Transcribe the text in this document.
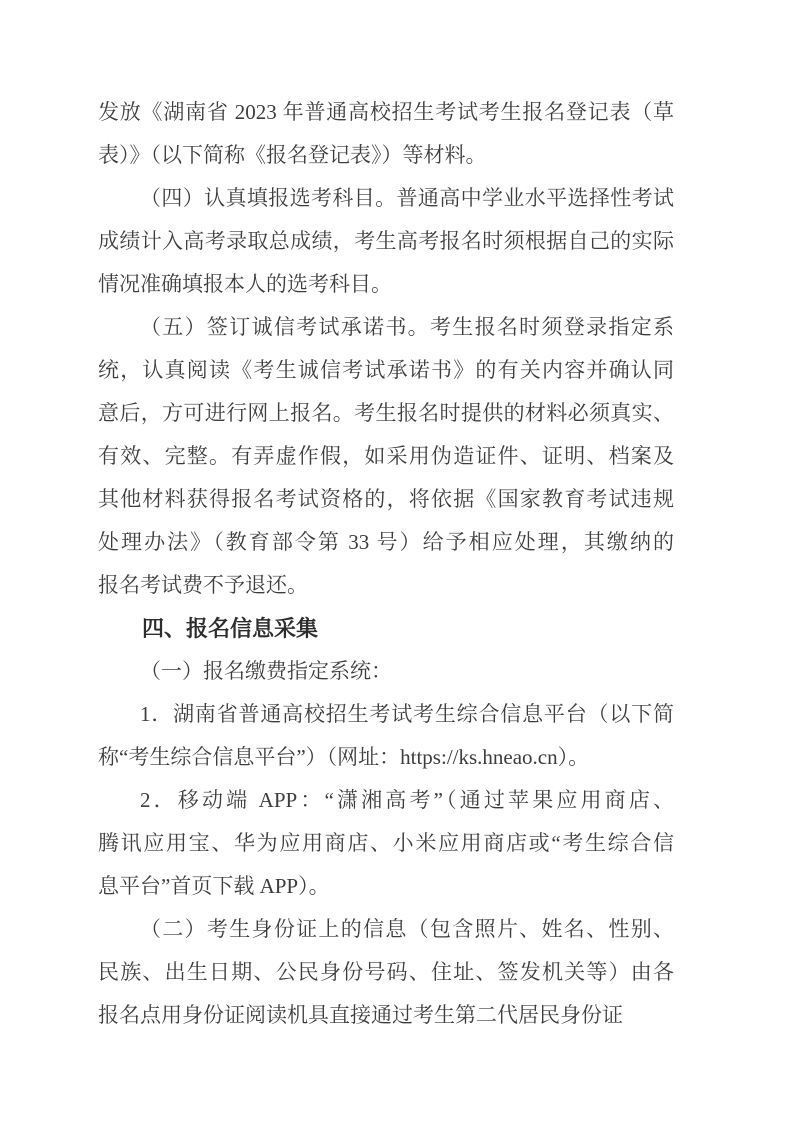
发放《湖南省 2023 年普通高校招生考试考生报名登记表（草
表）》（以下简称《报名登记表》）等材料。
（四）认真填报选考科目。普通高中学业水平选择性考试
成绩计入高考录取总成绩，考生高考报名时须根据自己的实际
情况准确填报本人的选考科目。
（五）签订诚信考试承诺书。考生报名时须登录指定系
统，认真阅读《考生诚信考试承诺书》的有关内容并确认同
意后，方可进行网上报名。考生报名时提供的材料必须真实、
有效、完整。有弄虚作假，如采用伪造证件、证明、档案及
其他材料获得报名考试资格的，将依据《国家教育考试违规
处理办法》（教育部令第 33 号）给予相应处理，其缴纳的
报名考试费不予退还。
四、报名信息采集
（一）报名缴费指定系统：
1．湖南省普通高校招生考试考生综合信息平台（以下简
称“考生综合信息平台”）（网址：https://ks.hneao.cn）。
2．移动端 APP：“潇湘高考”（通过苹果应用商店、
腾讯应用宝、华为应用商店、小米应用商店或“考生综合信
息平台”首页下载 APP）。
（二）考生身份证上的信息（包含照片、姓名、性别、
民族、出生日期、公民身份号码、住址、签发机关等）由各
报名点用身份证阅读机具直接通过考生第二代居民身份证
